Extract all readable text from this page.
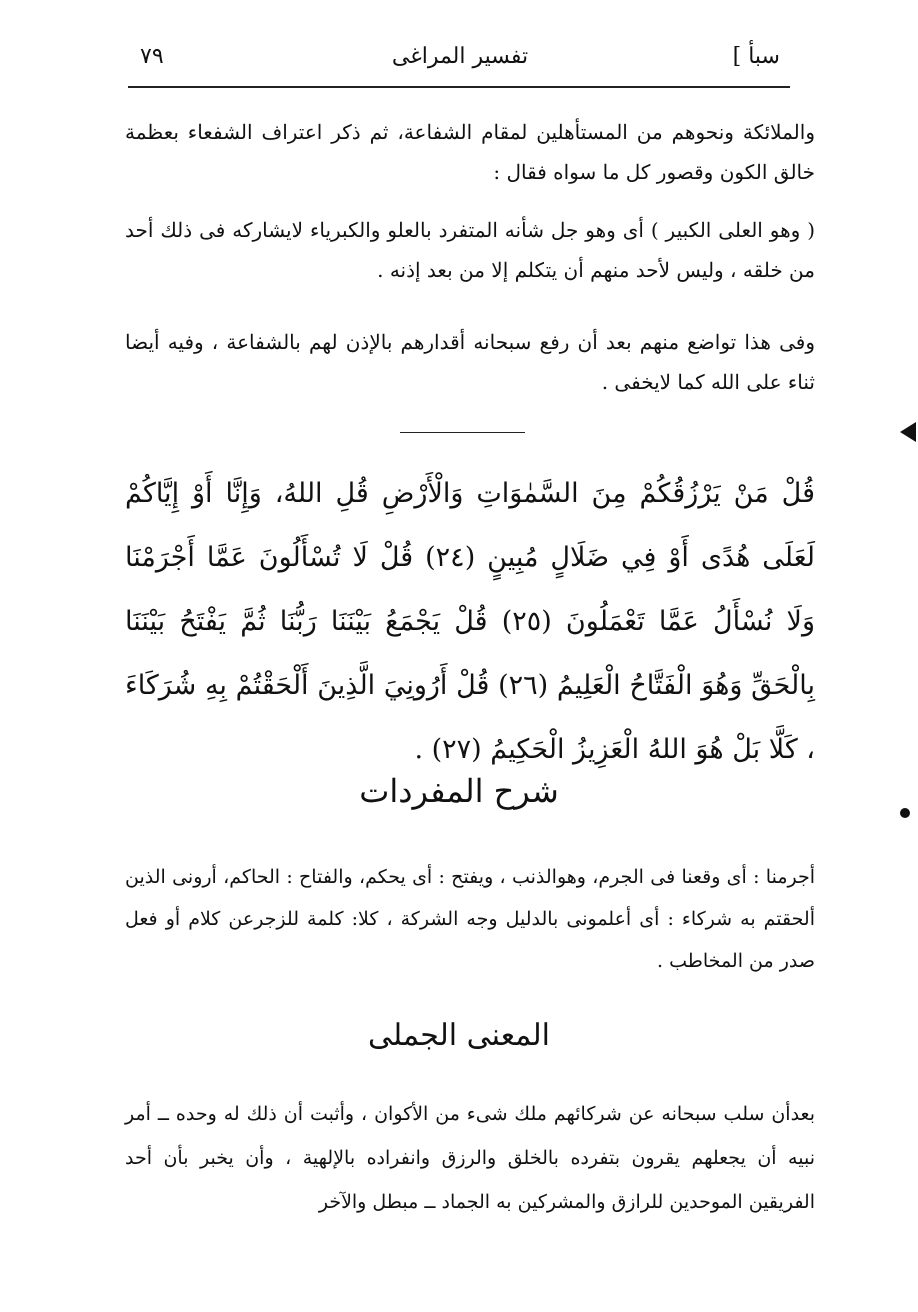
سبأ ]
تفسير المراغى
٧٩
والملائكة ونحوهم من المستأهلين لمقام الشفاعة، ثم ذكر اعتراف الشفعاء بعظمة خالق الكون وقصور كل ما سواه فقال :
( وهو العلى الكبير ) أى وهو جل شأنه المتفرد بالعلو والكبرياء لايشاركه فى ذلك أحد من خلقه ، وليس لأحد منهم أن يتكلم إلا من بعد إذنه .
وفى هذا تواضع منهم بعد أن رفع سبحانه أقدارهم بالإذن لهم بالشفاعة ، وفيه أيضا ثناء على الله كما لايخفى .
قُلْ مَنْ يَرْزُقُكُمْ مِنَ السَّمٰوَاتِ وَالْأَرْضِ قُلِ اللهُ، وَإِنَّا أَوْ إِيَّاكُمْ لَعَلَى هُدًى أَوْ فِي ضَلَالٍ مُبِينٍ (٢٤) قُلْ لَا تُسْأَلُونَ عَمَّا أَجْرَمْنَا وَلَا نُسْأَلُ عَمَّا تَعْمَلُونَ (٢٥) قُلْ يَجْمَعُ بَيْنَنَا رَبُّنَا ثُمَّ يَفْتَحُ بَيْنَنَا بِالْحَقِّ وَهُوَ الْفَتَّاحُ الْعَلِيمُ (٢٦) قُلْ أَرُونِيَ الَّذِينَ أَلْحَقْتُمْ بِهِ شُرَكَاءَ ، كَلَّا بَلْ هُوَ اللهُ الْعَزِيزُ الْحَكِيمُ (٢٧) .
شرح المفردات
أجرمنا : أى وقعنا فى الجرم، وهوالذنب ، ويفتح : أى يحكم، والفتاح : الحاكم، أرونى الذين ألحقتم به شركاء : أى أعلمونى بالدليل وجه الشركة ، كلا: كلمة للزجرعن كلام أو فعل صدر من المخاطب .
المعنى الجملى
بعدأن سلب سبحانه عن شركائهم ملك شىء من الأكوان ، وأثبت أن ذلك له وحده ــ أمر نبيه أن يجعلهم يقرون بتفرده بالخلق والرزق وانفراده بالإلهية ، وأن يخبر بأن أحد الفريقين الموحدين للرازق والمشركين به الجماد ــ مبطل والآخر
